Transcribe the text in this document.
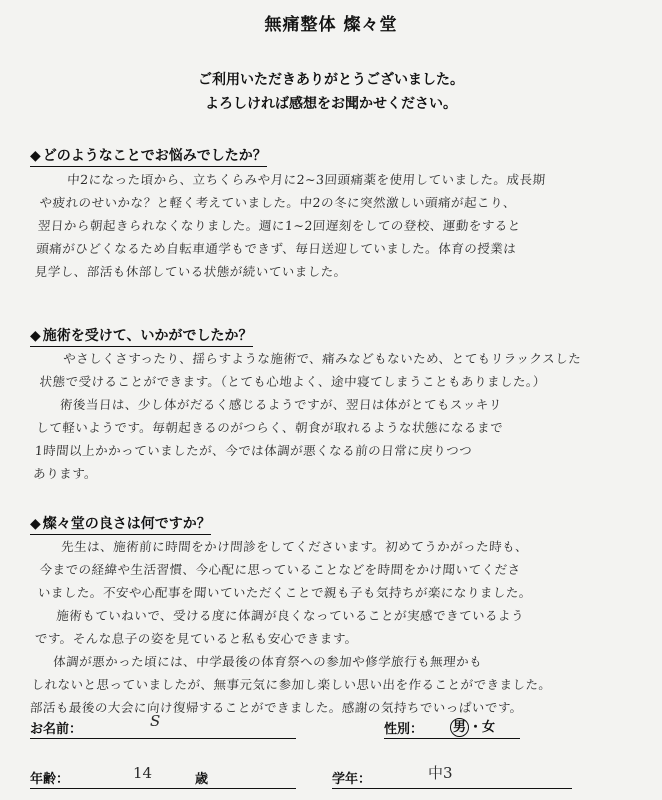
無痛整体 燦々堂
ご利用いただきありがとうございました。
よろしければ感想をお聞かせください。
◆ どのようなことでお悩みでしたか？
中2になった頃から、立ちくらみや月に2~3回頭痛薬を使用していました。成長期
や疲れのせいかな？と軽く考えていました。中2の冬に突然激しい頭痛が起こり、
翌日から朝起きられなくなりました。週に1~2回遅刻をしての登校、運動をすると
頭痛がひどくなるため自転車通学もできず、毎日送迎していました。体育の授業は
見学し、部活も休部している状態が続いていました。
◆ 施術を受けて、いかがでしたか？
やさしくさすったり、揺らすような施術で、痛みなどもないため、とてもリラックスした
状態で受けることができます。（とても心地よく、途中寝てしまうこともありました。）
術後当日は、少し体がだるく感じるようですが、翌日は体がとてもスッキリ
して軽いようです。毎朝起きるのがつらく、朝食が取れるような状態になるまで
1時間以上かかっていましたが、今では体調が悪くなる前の日常に戻りつつ
あります。
◆ 燦々堂の良さは何ですか？
先生は、施術前に時間をかけ問診をしてくださいます。初めてうかがった時も、
今までの経緯や生活習慣、今心配に思っていることなどを時間をかけ聞いてくださ
いました。不安や心配事を聞いていただくことで親も子も気持ちが楽になりました。
施術もていねいで、受ける度に体調が良くなっていることが実感できているよう
です。そんな息子の姿を見ていると私も安心できます。
体調が悪かった頃には、中学最後の体育祭への参加や修学旅行も無理かも
しれないと思っていましたが、無事元気に参加し楽しい思い出を作ることができました。
部活も最後の大会に向け復帰することができました。感謝の気持ちでいっぱいです。
お名前：	S	性別： 男 ・女
年齢：	14	歳	学年：	中3
